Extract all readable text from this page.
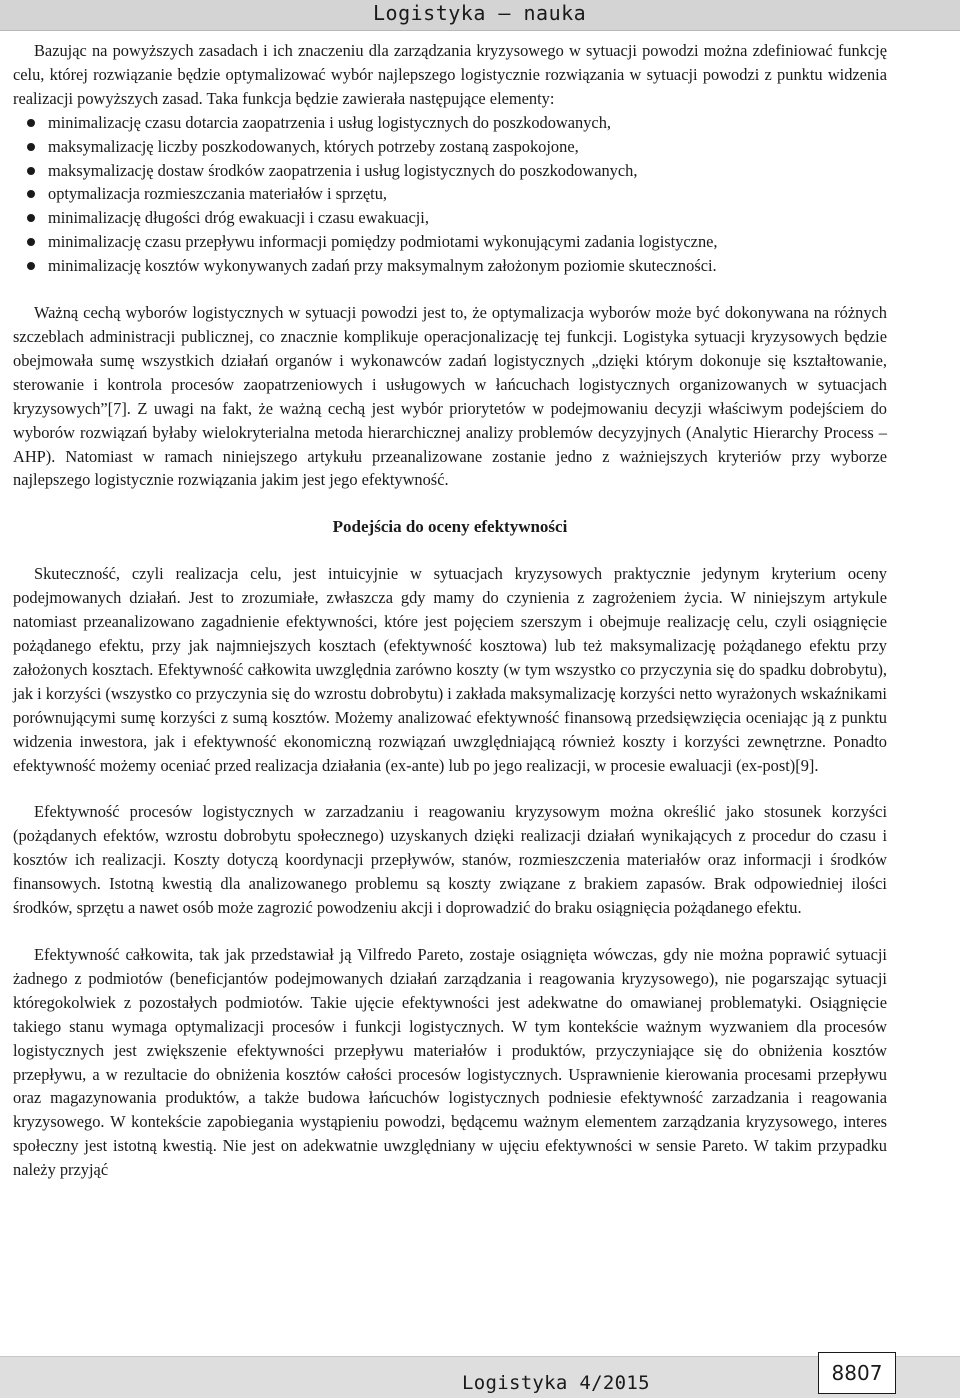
Logistyka – nauka

Bazując na powyższych zasadach i ich znaczeniu dla zarządzania kryzysowego w sytuacji powodzi można zdefiniować funkcję celu, której rozwiązanie będzie optymalizować wybór najlepszego logistycznie rozwiązania w sytuacji powodzi z punktu widzenia realizacji powyższych zasad. Taka funkcja będzie zawierała następujące elementy:

minimalizację czasu dotarcia zaopatrzenia i usług logistycznych do poszkodowanych,
maksymalizację liczby poszkodowanych, których potrzeby zostaną zaspokojone,
maksymalizację dostaw środków zaopatrzenia i usług logistycznych do poszkodowanych,
optymalizacja rozmieszczania materiałów i sprzętu,
minimalizację długości dróg ewakuacji i czasu ewakuacji,
minimalizację czasu przepływu informacji pomiędzy podmiotami wykonującymi zadania logistyczne,
minimalizację kosztów wykonywanych zadań przy maksymalnym założonym poziomie skuteczności.

Ważną cechą wyborów logistycznych w sytuacji powodzi jest to, że optymalizacja wyborów może być dokonywana na różnych szczeblach administracji publicznej, co znacznie komplikuje operacjonalizację tej funkcji. Logistyka sytuacji kryzysowych będzie obejmowała sumę wszystkich działań organów i wykonawców zadań logistycznych „dzięki którym dokonuje się kształtowanie, sterowanie i kontrola procesów zaopatrzeniowych i usługowych w łańcuchach logistycznych organizowanych w sytuacjach kryzysowych”[7]. Z uwagi na fakt, że ważną cechą jest wybór priorytetów w podejmowaniu decyzji właściwym podejściem do wyborów rozwiązań byłaby wielokryterialna metoda hierarchicznej analizy problemów decyzyjnych (Analytic Hierarchy Process – AHP). Natomiast w ramach niniejszego artykułu przeanalizowane zostanie jedno z ważniejszych kryteriów przy wyborze najlepszego logistycznie rozwiązania jakim jest jego efektywność.

Podejścia do oceny efektywności

Skuteczność, czyli realizacja celu, jest intuicyjnie w sytuacjach kryzysowych praktycznie jedynym kryterium oceny podejmowanych działań. Jest to zrozumiałe, zwłaszcza gdy mamy do czynienia z zagrożeniem życia. W niniejszym artykule natomiast przeanalizowano zagadnienie efektywności, które jest pojęciem szerszym i obejmuje realizację celu, czyli osiągnięcie pożądanego efektu, przy jak najmniejszych kosztach (efektywność kosztowa) lub też maksymalizację pożądanego efektu przy założonych kosztach. Efektywność całkowita uwzględnia zarówno koszty (w tym wszystko co przyczynia się do spadku dobrobytu), jak i korzyści (wszystko co przyczynia się do wzrostu dobrobytu) i zakłada maksymalizację korzyści netto wyrażonych wskaźnikami porównującymi sumę korzyści z sumą kosztów. Możemy analizować efektywność finansową przedsięwzięcia oceniając ją z punktu widzenia inwestora, jak i efektywność ekonomiczną rozwiązań uwzględniającą również koszty i korzyści zewnętrzne. Ponadto efektywność możemy oceniać przed realizacja działania (ex-ante) lub po jego realizacji, w procesie ewaluacji (ex-post)[9].

Efektywność procesów logistycznych w zarzadzaniu i reagowaniu kryzysowym można określić jako stosunek korzyści (pożądanych efektów, wzrostu dobrobytu społecznego) uzyskanych dzięki realizacji działań wynikających z procedur do czasu i kosztów ich realizacji. Koszty dotyczą koordynacji przepływów, stanów, rozmieszczenia materiałów oraz informacji i środków finansowych. Istotną kwestią dla analizowanego problemu są koszty związane z brakiem zapasów. Brak odpowiedniej ilości środków, sprzętu a nawet osób może zagrozić powodzeniu akcji i doprowadzić do braku osiągnięcia pożądanego efektu.

Efektywność całkowita, tak jak przedstawiał ją Vilfredo Pareto, zostaje osiągnięta wówczas, gdy nie można poprawić sytuacji żadnego z podmiotów (beneficjantów podejmowanych działań zarządzania i reagowania kryzysowego), nie pogarszając sytuacji któregokolwiek z pozostałych podmiotów. Takie ujęcie efektywności jest adekwatne do omawianej problematyki. Osiągnięcie takiego stanu wymaga optymalizacji procesów i funkcji logistycznych. W tym kontekście ważnym wyzwaniem dla procesów logistycznych jest zwiększenie efektywności przepływu materiałów i produktów, przyczyniające się do obniżenia kosztów przepływu, a w rezultacie do obniżenia kosztów całości procesów logistycznych. Usprawnienie kierowania procesami przepływu oraz magazynowania produktów, a także budowa łańcuchów logistycznych podniesie efektywność zarzadzania i reagowania kryzysowego. W kontekście zapobiegania wystąpieniu powodzi, będącemu ważnym elementem zarządzania kryzysowego, interes społeczny jest istotną kwestią. Nie jest on adekwatnie uwzględniany w ujęciu efektywności w sensie Pareto. W takim przypadku należy przyjąć

Logistyka 4/2015	8807
